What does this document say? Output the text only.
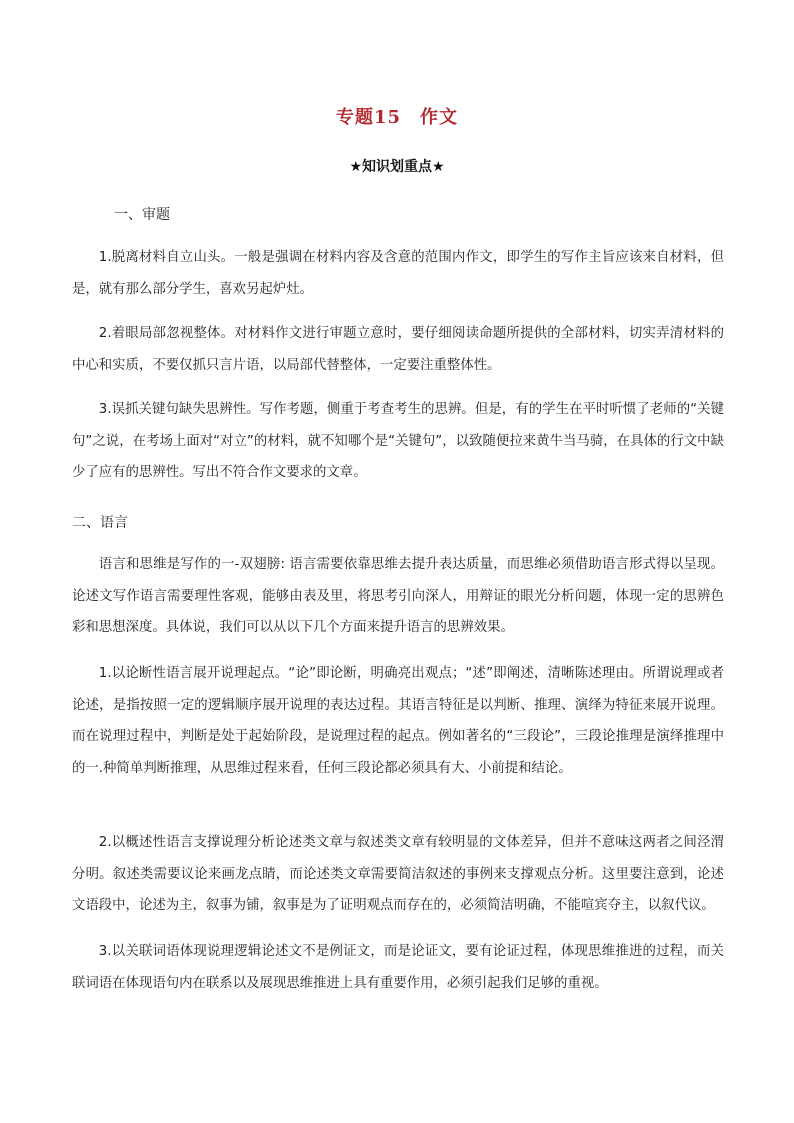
专题15　作文
★知识划重点★
一、审题
1.脱离材料自立山头。一般是强调在材料内容及含意的范围内作文，即学生的写作主旨应该来自材料，但是，就有那么部分学生，喜欢另起炉灶。
2.着眼局部忽视整体。对材料作文进行审题立意时，要仔细阅读命题所提供的全部材料，切实弄清材料的中心和实质，不要仅抓只言片语，以局部代替整体，一定要注重整体性。
3.误抓关键句缺失思辨性。写作考题，侧重于考查考生的思辨。但是，有的学生在平时听惯了老师的“关键句”之说，在考场上面对“对立”的材料，就不知哪个是“关键句”，以致随便拉来黄牛当马骑，在具体的行文中缺少了应有的思辨性。写出不符合作文要求的文章。
二、语言
语言和思维是写作的一-双翅膀: 语言需要依靠思维去提升表达质量，而思维必须借助语言形式得以呈现。论述文写作语言需要理性客观，能够由表及里，将思考引向深人，用辩证的眼光分析问题，体现一定的思辨色彩和思想深度。具体说，我们可以从以下几个方面来提升语言的思辨效果。
1.以论断性语言展开说理起点。“论”即论断，明确亮出观点；“述”即阐述，清晰陈述理由。所谓说理或者论述，是指按照一定的逻辑顺序展开说理的表达过程。其语言特征是以判断、推理、演绎为特征来展开说理。而在说理过程中，判断是处于起始阶段，是说理过程的起点。例如著名的“三段论”，三段论推理是演绎推理中的一.种简单判断推理，从思维过程来看，任何三段论都必须具有大、小前提和结论。
2.以概述性语言支撑说理分析论述类文章与叙述类文章有较明显的文体差异，但并不意味这两者之间泾渭分明。叙述类需要议论来画龙点睛，而论述类文章需要简洁叙述的事例来支撑观点分析。这里要注意到，论述文语段中，论述为主，叙事为铺，叙事是为了证明观点而存在的，必须简洁明确，不能喧宾夺主，以叙代议。
3.以关联词语体现说理逻辑论述文不是例证文，而是论证文，要有论证过程，体现思维推进的过程，而关联词语在体现语句内在联系以及展现思维推进上具有重要作用，必须引起我们足够的重视。
